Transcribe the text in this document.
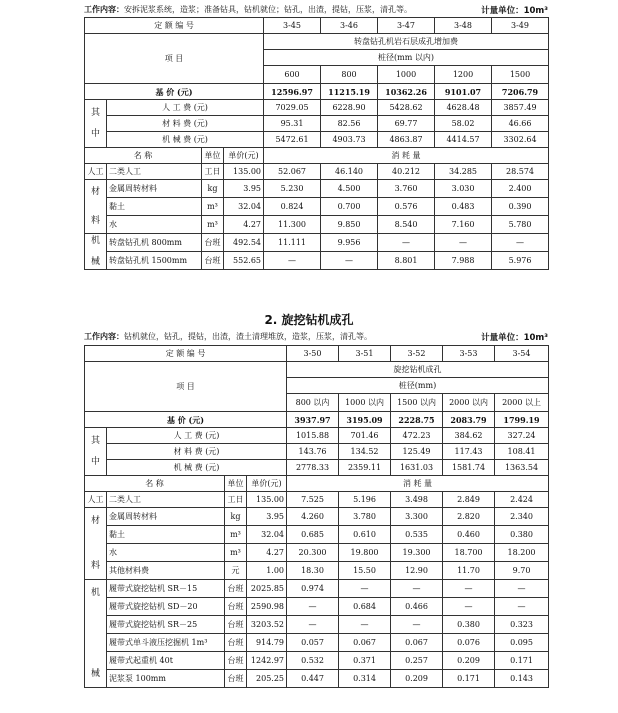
工作内容：安拆泥浆系统，造浆；准备钻具，钻机就位；钻孔，出渣，提钻，压浆，清孔等。	计量单位：10m³
定 额 编 号				3-45	3-46	3-47	3-48	3-49
项 目				转盘钻孔机岩石层成孔增加费				
				桩径(mm 以内)				
				600	800	1000	1200	1500
基 价 (元)				12596.97	11215.19	10362.26	9101.07	7206.79

其
中	人 工 费 (元)			7029.05	6228.90	5428.62	4628.48	3857.49
	材 料 费 (元)			95.31	82.56	69.77	58.02	46.66
	机 械 费 (元)			5472.61	4903.73	4863.87	4414.57	3302.64
名 称		单位	单价(元)	消 耗 量				
人工	二类人工	工日	135.00	52.067	46.140	40.212	34.285	28.574

材
料	金属周转材料	kg	3.95	5.230	4.500	3.760	3.030	2.400
	黏土	m³	32.04	0.824	0.700	0.576	0.483	0.390
	水	m³	4.27	11.300	9.850	8.540	7.160	5.780

机
械	转盘钻孔机 800mm	台班	492.54	11.111	9.956	—	—	—
	转盘钻孔机 1500mm	台班	552.65	—	—	8.801	7.988	5.976
2. 旋挖钻机成孔
工作内容：钻机就位，钻孔，提钻，出渣，渣土清理堆放，造浆，压浆，清孔等。	计量单位：10m³
定 额 编 号				3-50	3-51	3-52	3-53	3-54
项 目				旋挖钻机成孔				
				桩径(mm)				
				800 以内	1000 以内	1500 以内	2000 以内	2000 以上
基 价 (元)				3937.97	3195.09	2228.75	2083.79	1799.19

其
中	人 工 费 (元)			1015.88	701.46	472.23	384.62	327.24
	材 料 费 (元)			143.76	134.52	125.49	117.43	108.41
	机 械 费 (元)			2778.33	2359.11	1631.03	1581.74	1363.54
名 称		单位	单价(元)	消 耗 量				
人工	二类人工	工日	135.00	7.525	5.196	3.498	2.849	2.424

材
料	金属周转材料	kg	3.95	4.260	3.780	3.300	2.820	2.340
	黏土	m³	32.04	0.685	0.610	0.535	0.460	0.380
	水	m³	4.27	20.300	19.800	19.300	18.700	18.200
	其他材料费	元	1.00	18.30	15.50	12.90	11.70	9.70

机
械	履带式旋挖钻机 SR－15	台班	2025.85	0.974	—	—	—	—
	履带式旋挖钻机 SD－20	台班	2590.98	—	0.684	0.466	—	—
	履带式旋挖钻机 SR－25	台班	3203.52	—	—	—	0.380	0.323
	履带式单斗液压挖掘机 1m³	台班	914.79	0.057	0.067	0.067	0.076	0.095
	履带式起重机 40t	台班	1242.97	0.532	0.371	0.257	0.209	0.171
	泥浆泵 100mm	台班	205.25	0.447	0.314	0.209	0.171	0.143
